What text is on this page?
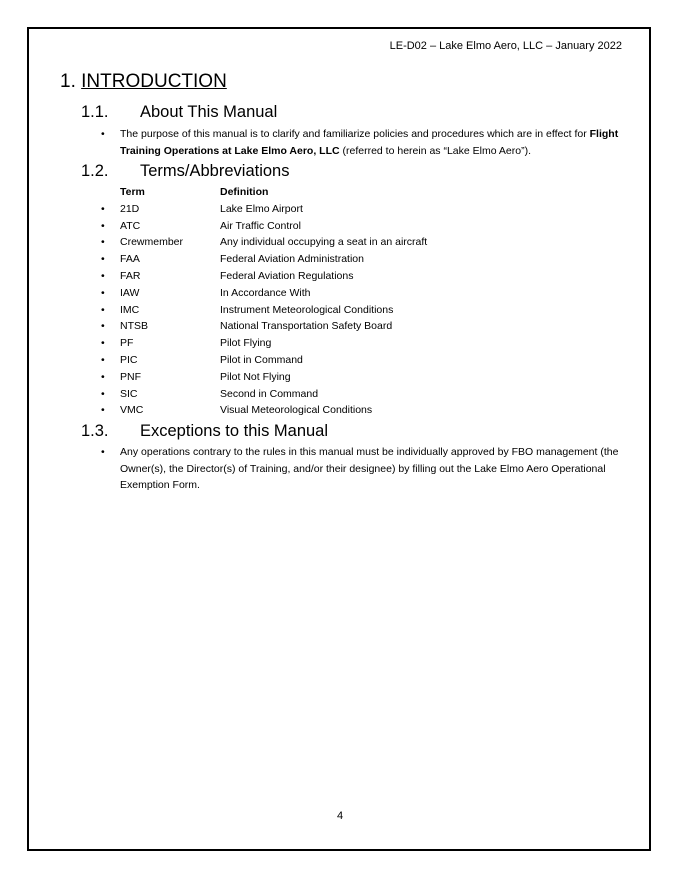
LE-D02 – Lake Elmo Aero, LLC – January 2022
1. INTRODUCTION
1.1. About This Manual
• The purpose of this manual is to clarify and familiarize policies and procedures which are in effect for Flight Training Operations at Lake Elmo Aero, LLC (referred to herein as “Lake Elmo Aero”).
1.2. Terms/Abbreviations
Term	Definition
• 21D	Lake Elmo Airport
• ATC	Air Traffic Control
• Crewmember	Any individual occupying a seat in an aircraft
• FAA	Federal Aviation Administration
• FAR	Federal Aviation Regulations
• IAW	In Accordance With
• IMC	Instrument Meteorological Conditions
• NTSB	National Transportation Safety Board
• PF	Pilot Flying
• PIC	Pilot in Command
• PNF	Pilot Not Flying
• SIC	Second in Command
• VMC	Visual Meteorological Conditions
1.3. Exceptions to this Manual
• Any operations contrary to the rules in this manual must be individually approved by FBO management (the Owner(s), the Director(s) of Training, and/or their designee) by filling out the Lake Elmo Aero Operational Exemption Form.
4
